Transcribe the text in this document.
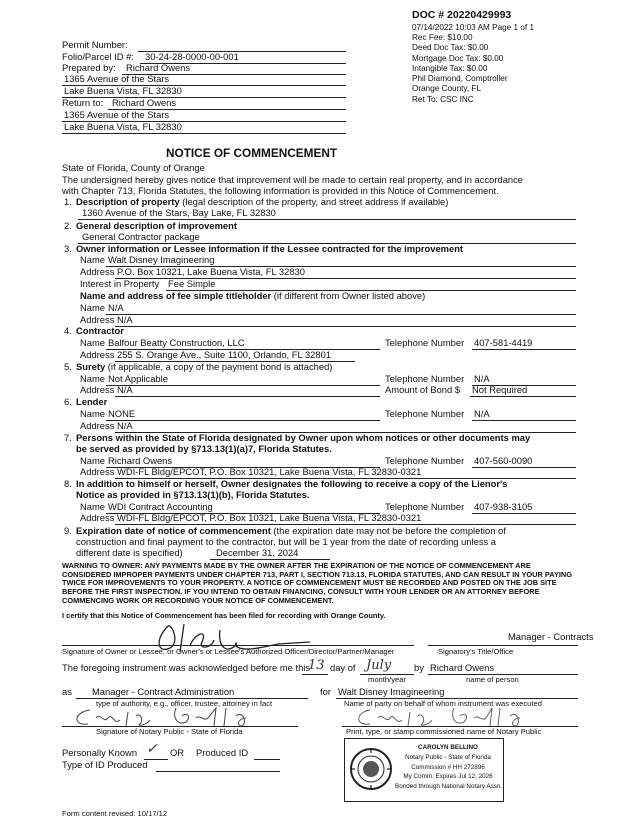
DOC # 20220429993
07/14/2022 10:03 AM Page 1 of 1
Rec Fee: $10.00
Deed Doc Tax: $0.00
Mortgage Doc Tax: $0.00
Intangible Tax: $0.00
Phil Diamond, Comptroller
Orange County, FL
Ret To: CSC INC
Permit Number:
Folio/Parcel ID #: 30-24-28-0000-00-001
Prepared by: Richard Owens
1365 Avenue of the Stars
Lake Buena Vista, FL 32830
Return to: Richard Owens
1365 Avenue of the Stars
Lake Buena Vista, FL 32830
NOTICE OF COMMENCEMENT
State of Florida, County of Orange
The undersigned hereby gives notice that improvement will be made to certain real property, and in accordance
with Chapter 713, Florida Statutes, the following information is provided in this Notice of Commencement.
1. Description of property (legal description of the property, and street address if available)
1360 Avenue of the Stars, Bay Lake, FL 32830
2. General description of improvement
General Contractor package
3. Owner information or Lessee information if the Lessee contracted for the improvement
Name Walt Disney Imagineering
Address P.O. Box 10321, Lake Buena Vista, FL 32830
Interest in Property Fee Simple
Name and address of fee simple titleholder (if different from Owner listed above)
Name N/A
Address N/A
4. Contractor
Name Balfour Beatty Construction, LLC	Telephone Number 407-581-4419
Address 255 S. Orange Ave., Suite 1100, Orlando, FL 32801
5. Surety (if applicable, a copy of the payment bond is attached)
Name Not Applicable	Telephone Number N/A
Address N/A	Amount of Bond $ Not Required
6. Lender
Name NONE	Telephone Number N/A
Address N/A
7. Persons within the State of Florida designated by Owner upon whom notices or other documents may
be served as provided by §713.13(1)(a)7, Florida Statutes.
Name Richard Owens	Telephone Number 407-560-0090
Address WDI-FL Bldg/EPCOT, P.O. Box 10321, Lake Buena Vista, FL 32830-0321
8. In addition to himself or herself, Owner designates the following to receive a copy of the Lienor's
Notice as provided in §713.13(1)(b), Florida Statutes.
Name WDI Contract Accounting	Telephone Number 407-938-3105
Address WDI-FL Bldg/EPCOT, P.O. Box 10321, Lake Buena Vista, FL 32830-0321
9. Expiration date of notice of commencement (the expiration date may not be before the completion of
construction and final payment to the contractor, but will be 1 year from the date of recording unless a
different date is specified)	December 31, 2024
WARNING TO OWNER: ANY PAYMENTS MADE BY THE OWNER AFTER THE EXPIRATION OF THE NOTICE OF COMMENCEMENT ARE CONSIDERED IMPROPER PAYMENTS UNDER CHAPTER 713, PART I, SECTION 713.13, FLORIDA STATUTES, AND CAN RESULT IN YOUR PAYING TWICE FOR IMPROVEMENTS TO YOUR PROPERTY. A NOTICE OF COMMENCEMENT MUST BE RECORDED AND POSTED ON THE JOB SITE BEFORE THE FIRST INSPECTION. IF YOU INTEND TO OBTAIN FINANCING, CONSULT WITH YOUR LENDER OR AN ATTORNEY BEFORE COMMENCING WORK OR RECORDING YOUR NOTICE OF COMMENCEMENT.
I certify that this Notice of Commencement has been filed for recording with Orange County.
Manager - Contracts
Signature of Owner or Lessee, or Owner's or Lessee's Authorized Officer/Director/Partner/Manager	Signatory's Title/Office
The foregoing instrument was acknowledged before me this
13 day of July by Richard Owens
month/year	name of person
as Manager - Contract Administration	for Walt Disney Imagineering
type of authority, e.g., officer, trustee, attorney in fact	Name of party on behalf of whom instrument was executed
Signature of Notary Public - State of Florida	Print, type, or stamp commissioned name of Notary Public
Personally Known ✓ OR Produced ID
Type of ID Produced
CAROLYN BELLINO
Notary Public - State of Florida
Commission # HH 272896
My Comm. Expires Jul 12, 2026
Bonded through National Notary Assn.
Form content revised: 10/17/12
